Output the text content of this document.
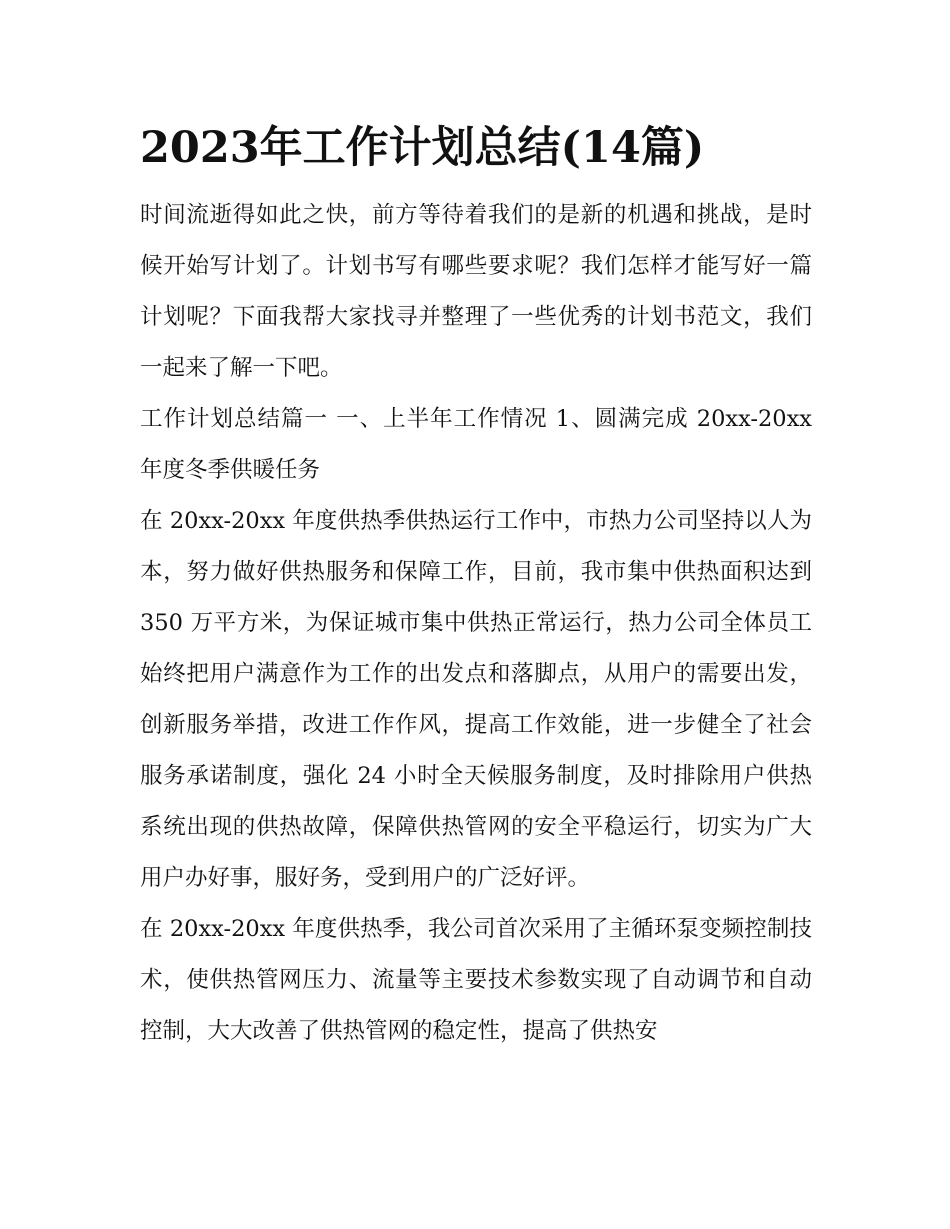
2023年工作计划总结(14篇)

时间流逝得如此之快，前方等待着我们的是新的机遇和挑战，是时候开始写计划了。计划书写有哪些要求呢？我们怎样才能写好一篇计划呢？下面我帮大家找寻并整理了一些优秀的计划书范文，我们一起来了解一下吧。

工作计划总结篇一 一、上半年工作情况 1、圆满完成 20xx-20xx 年度冬季供暖任务

在 20xx-20xx 年度供热季供热运行工作中，市热力公司坚持以人为本，努力做好供热服务和保障工作，目前，我市集中供热面积达到 350 万平方米，为保证城市集中供热正常运行，热力公司全体员工始终把用户满意作为工作的出发点和落脚点，从用户的需要出发，创新服务举措，改进工作作风，提高工作效能，进一步健全了社会服务承诺制度，强化 24 小时全天候服务制度，及时排除用户供热系统出现的供热故障，保障供热管网的安全平稳运行，切实为广大用户办好事，服好务，受到用户的广泛好评。

在 20xx-20xx 年度供热季，我公司首次采用了主循环泵变频控制技术，使供热管网压力、流量等主要技术参数实现了自动调节和自动控制，大大改善了供热管网的稳定性，提高了供热安
